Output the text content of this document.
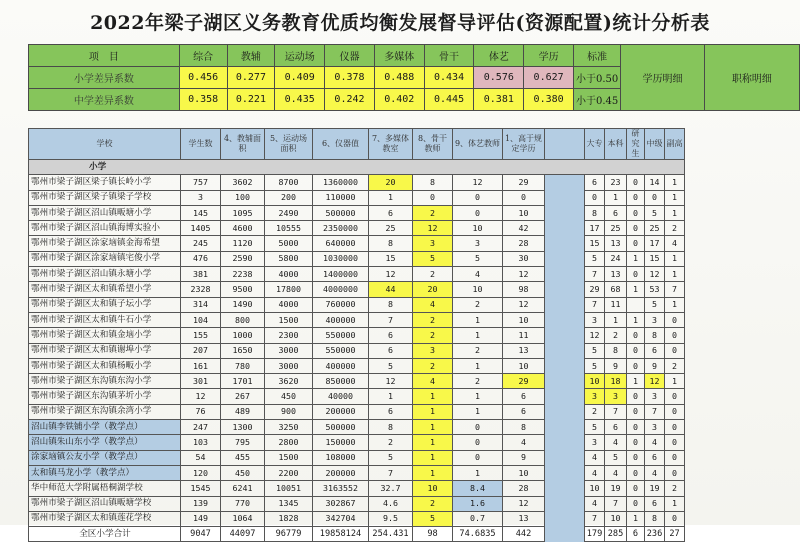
2022年梁子湖区义务教育优质均衡发展督导评估(资源配置)统计分析表
项　目	综合	教辅	运动场	仪器	多媒体	骨干	体艺	学历	标准	学历明细	职称明细
小学差异系数	0.456	0.277	0.409	0.378	0.488	0.434	0.576	0.627	小于0.50		
中学差异系数	0.358	0.221	0.435	0.242	0.402	0.445	0.381	0.380	小于0.45		
学校	学生数	4、教辅面积	5、运动场面积	6、仪器值	7、多媒体教室	8、骨干教师	9、体艺教师	1、高于规定学历		大专	本科	研究生	中级	副高
小学														
鄂州市梁子湖区梁子镇长岭小学	757	3602	8700	1360000	20	8	12	29		6	23	0	14	1
鄂州市梁子湖区梁子镇梁子学校	3	100	200	110000	1	0	0	0		0	1	0	0	1
鄂州市梁子湖区沼山镇畈塘小学	145	1095	2490	500000	6	2	0	10		8	6	0	5	1
鄂州市梁子湖区沼山镇海博实验小	1405	4600	10555	2350000	25	12	10	42		17	25	0	25	2
鄂州市梁子湖区涂家垴镇金海希望	245	1120	5000	640000	8	3	3	28		15	13	0	17	4
鄂州市梁子湖区涂家垴镇宅俊小学	476	2590	5800	1030000	15	5	5	30		5	24	1	15	1
鄂州市梁子湖区沼山镇永塘小学	381	2238	4000	1400000	12	2	4	12		7	13	0	12	1
鄂州市梁子湖区太和镇希望小学	2328	9500	17800	4000000	44	20	10	98		29	68	1	53	7
鄂州市梁子湖区太和镇子坛小学	314	1490	4000	760000	8	4	2	12		7	11		5	1
鄂州市梁子湖区太和镇牛石小学	104	800	1500	400000	7	2	1	10		3	1	1	3	0
鄂州市梁子湖区太和镇金垴小学	155	1000	2300	550000	6	2	1	11		12	2	0	8	0
鄂州市梁子湖区太和镇谢埠小学	207	1650	3000	550000	6	3	2	13		5	8	0	6	0
鄂州市梁子湖区太和镇杨畈小学	161	780	3000	400000	5	2	1	10		5	9	0	9	2
鄂州市梁子湖区东沟镇东沟小学	301	1701	3620	850000	12	4	2	29		10	18	1	12	1
鄂州市梁子湖区东沟镇茅圻小学	12	267	450	40000	1	1	1	6		3	3	0	3	0
鄂州市梁子湖区东沟镇余湾小学	76	489	900	200000	6	1	1	6		2	7	0	7	0
沼山镇李铁铺小学（教学点）	247	1300	3250	500000	8	1	0	8		5	6	0	3	0
沼山镇朱山东小学（教学点）	103	795	2800	150000	2	1	0	4		3	4	0	4	0
涂家垴镇公友小学（教学点）	54	455	1500	108000	5	1	0	9		4	5	0	6	0
太和镇马龙小学（教学点）	120	450	2200	200000	7	1	1	10		4	4	0	4	0
华中师范大学附属梧桐湖学校	1545	6241	10051	3163552	32.7	10	8.4	28		10	19	0	19	2
鄂州市梁子湖区沼山镇畈塘学校	139	770	1345	302867	4.6	2	1.6	12		4	7	0	6	1
鄂州市梁子湖区太和镇莲花学校	149	1064	1828	342704	9.5	5	0.7	13		7	10	1	8	0
全区小学合计	9047	44097	96779	19858124	254.431	98	74.6835	442		179	285	6	236	27
